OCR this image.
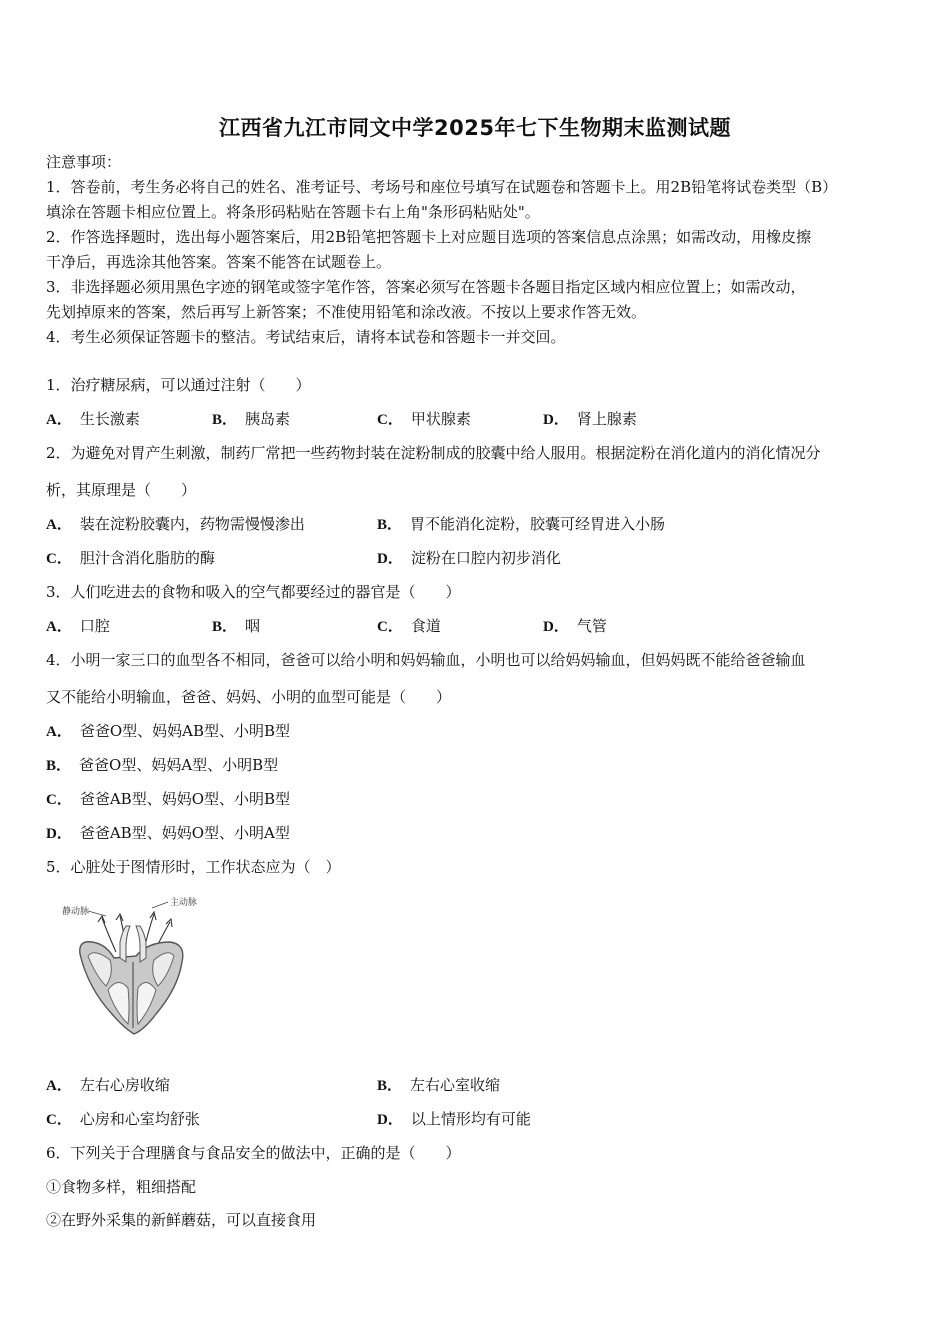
江西省九江市同文中学2025年七下生物期末监测试题
注意事项：
1．答卷前，考生务必将自己的姓名、准考证号、考场号和座位号填写在试题卷和答题卡上。用2B铅笔将试卷类型（B）
填涂在答题卡相应位置上。将条形码粘贴在答题卡右上角"条形码粘贴处"。
2．作答选择题时，选出每小题答案后，用2B铅笔把答题卡上对应题目选项的答案信息点涂黑；如需改动，用橡皮擦
干净后，再选涂其他答案。答案不能答在试题卷上。
3．非选择题必须用黑色字迹的钢笔或签字笔作答，答案必须写在答题卡各题目指定区域内相应位置上；如需改动，
先划掉原来的答案，然后再写上新答案；不准使用铅笔和涂改液。不按以上要求作答无效。
4．考生必须保证答题卡的整洁。考试结束后，请将本试卷和答题卡一并交回。
1．治疗糖尿病，可以通过注射（　　）
A． 生长激素	B． 胰岛素	C． 甲状腺素	D． 肾上腺素
2．为避免对胃产生刺激，制药厂常把一些药物封装在淀粉制成的胶囊中给人服用。根据淀粉在消化道内的消化情况分
析，其原理是（　　）
A． 装在淀粉胶囊内，药物需慢慢渗出	B． 胃不能消化淀粉，胶囊可经胃进入小肠
C． 胆汁含消化脂肪的酶	D． 淀粉在口腔内初步消化
3．人们吃进去的食物和吸入的空气都要经过的器官是（　　）
A． 口腔	B． 咽	C． 食道	D． 气管
4．小明一家三口的血型各不相同，爸爸可以给小明和妈妈输血，小明也可以给妈妈输血，但妈妈既不能给爸爸输血
又不能给小明输血，爸爸、妈妈、小明的血型可能是（　　）
A． 爸爸O型、妈妈AB型、小明B型
B． 爸爸O型、妈妈A型、小明B型
C． 爸爸AB型、妈妈O型、小明B型
D． 爸爸AB型、妈妈O型、小明A型
5．心脏处于图情形时，工作状态应为（　）
静动脉
主动脉
A． 左右心房收缩	B． 左右心室收缩
C． 心房和心室均舒张	D． 以上情形均有可能
6．下列关于合理膳食与食品安全的做法中，正确的是（　　）
①食物多样，粗细搭配
②在野外采集的新鲜蘑菇，可以直接食用
